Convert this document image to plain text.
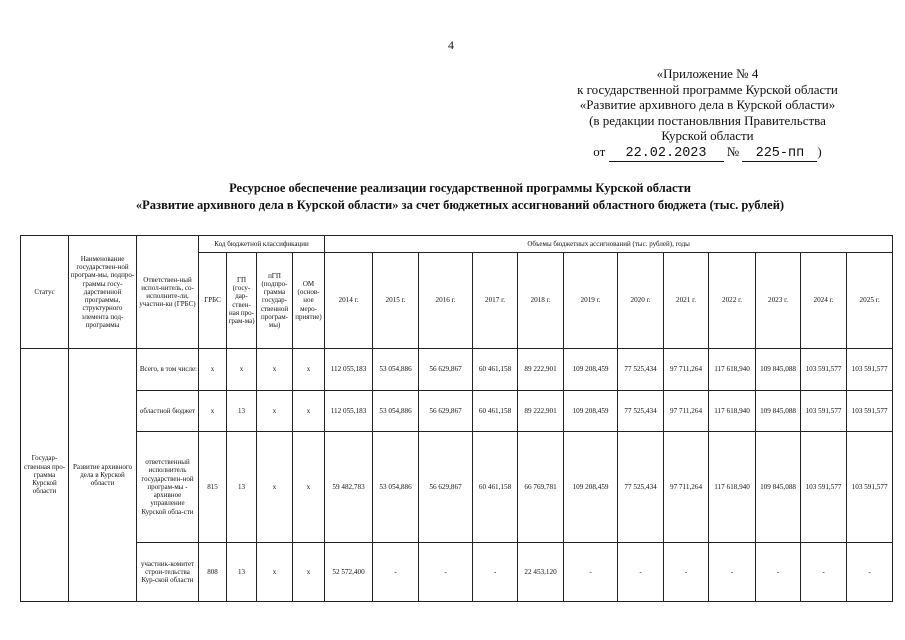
4
«Приложение № 4
к государственной программе Курской области
«Развитие архивного дела в Курской области»
(в редакции постановлвния Правительства
Курской области
от 22.02.2023 № 225-пп )
Ресурсное обеспечение реализации государственной программы Курской области
«Развитие архивного дела в Курской области» за счет бюджетных ассигнований областного бюджета (тыс. рублей)
Статус	Наименование государствен-ной програм-мы, подпро-граммы госу-дарственной программы, структурного элемента под-программы	Ответствен-ный испол-нитель, со-исполните-ли, участни-ки (ГРБС)	Код бюджетной классификации				Объемы бюджетных ассигнований (тыс. рублей), годы											
			ГРБС	ГП (госу-дар-ствен-ная про-грам-ма)	пГП (подпро-грамма государ-ственной програм-мы)	ОМ (основ-ное меро-приятие)	2014 г.	2015 г.	2016 г.	2017 г.	2018 г.	2019 г.	2020 г.	2021 г.	2022 г.	2023 г.	2024 г.	2025 г.
Государ-ственная про-грамма Курской области	Развитие архивного дела в Курской области	Всего, в том числе:	x	x	x	x	112 055,183	53 054,886	56 629,867	60 461,158	89 222,901	109 208,459	77 525,434	97 711,264	117 618,940	109 845,088	103 591,577	103 591,577
		областной бюджет	x	13	x	x	112 055,183	53 054,886	56 629,867	60 461,158	89 222,901	109 208,459	77 525,434	97 711,264	117 618,940	109 845,088	103 591,577	103 591,577
		ответственный исполнитель государствен-ной програм-мы - архивное управление Курской обла-сти	815	13	x	x	59 482,783	53 054,886	56 629,867	60 461,158	66 769,781	109 208,459	77 525,434	97 711,264	117 618,940	109 845,088	103 591,577	103 591,577
		участник-комитет строи-тельства Кур-ской области	808	13	x	x	52 572,400	-	-	-	22 453,120	-	-	-	-	-	-	-
